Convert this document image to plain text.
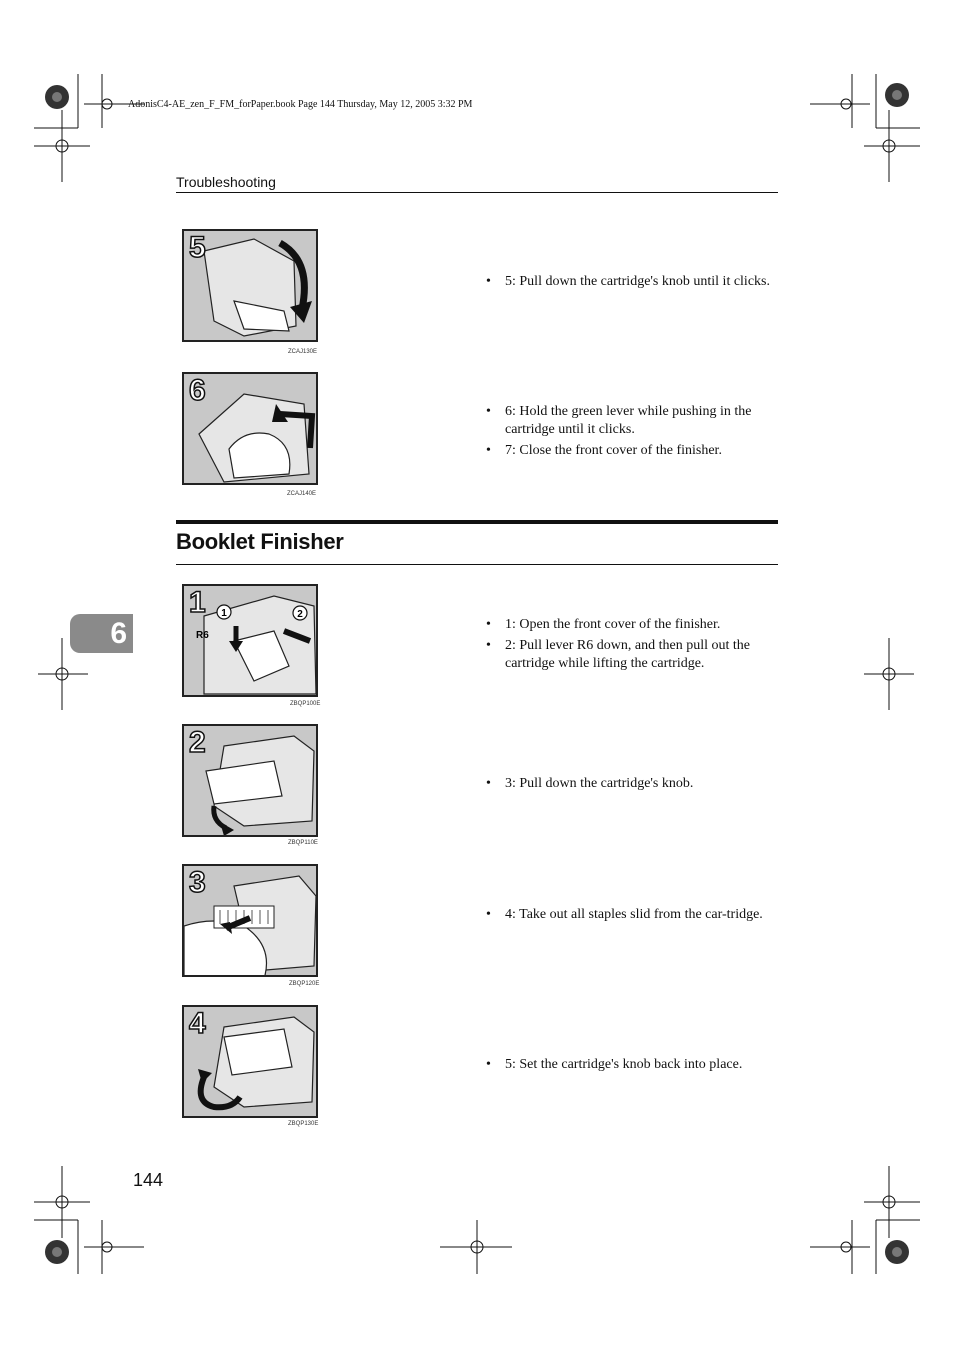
AdonisC4-AE_zen_F_FM_forPaper.book Page 144 Thursday, May 12, 2005 3:32 PM
Troubleshooting
5
ZCAJ130E
6
ZCAJ140E
• 5: Pull down the cartridge's knob until it clicks.
• 6: Hold the green lever while pushing in the cartridge until it clicks.
• 7: Close the front cover of the finisher.
Booklet Finisher
6
1	2
R6
1
ZBQP100E
2
ZBQP110E
3
ZBQP120E
4
ZBQP130E
• 1: Open the front cover of the finisher.
• 2: Pull lever R6 down, and then pull out the cartridge while lifting the cartridge.
• 3: Pull down the cartridge's knob.
• 4: Take out all staples slid from the car-tridge.
• 5: Set the cartridge's knob back into place.
144
